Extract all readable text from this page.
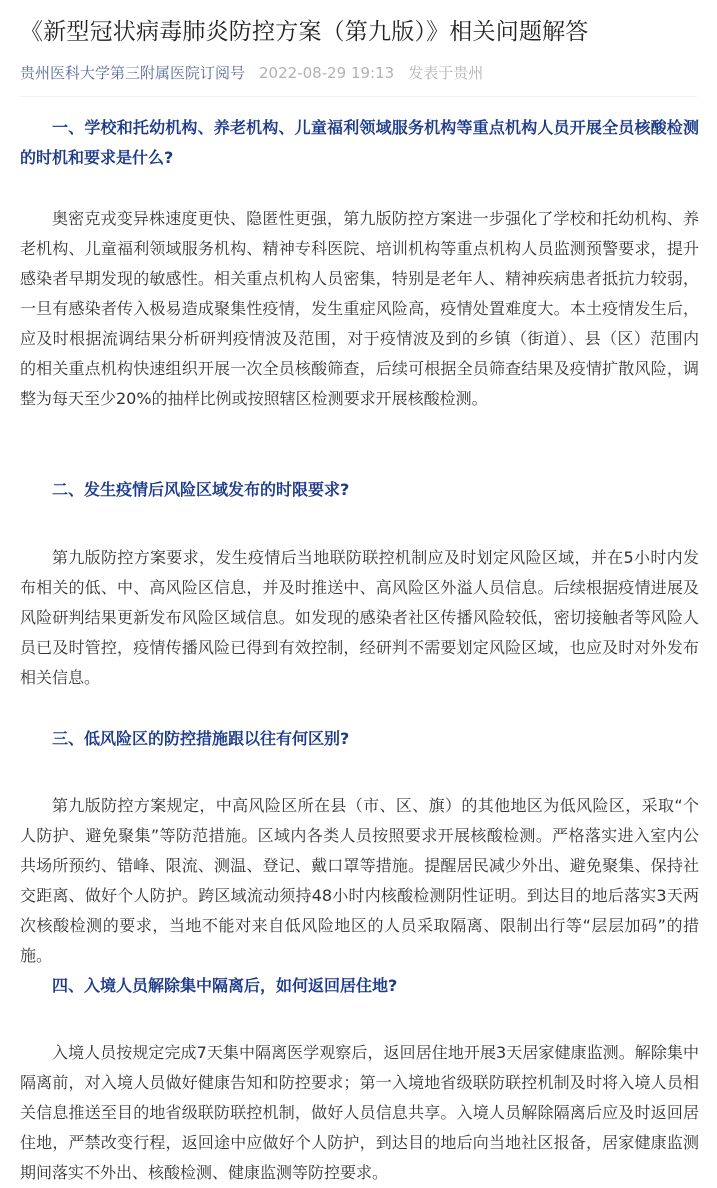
《新型冠状病毒肺炎防控方案（第九版）》相关问题解答
贵州医科大学第三附属医院订阅号 2022-08-29 19:13 发表于贵州

一、学校和托幼机构、养老机构、儿童福利领域服务机构等重点机构人员开展全员核酸检测的时机和要求是什么?

奥密克戎变异株速度更快、隐匿性更强，第九版防控方案进一步强化了学校和托幼机构、养老机构、儿童福利领域服务机构、精神专科医院、培训机构等重点机构人员监测预警要求，提升感染者早期发现的敏感性。相关重点机构人员密集，特别是老年人、精神疾病患者抵抗力较弱，一旦有感染者传入极易造成聚集性疫情，发生重症风险高，疫情处置难度大。本土疫情发生后，应及时根据流调结果分析研判疫情波及范围，对于疫情波及到的乡镇（街道）、县（区）范围内的相关重点机构快速组织开展一次全员核酸筛查，后续可根据全员筛查结果及疫情扩散风险，调整为每天至少20%的抽样比例或按照辖区检测要求开展核酸检测。

二、发生疫情后风险区域发布的时限要求?

第九版防控方案要求，发生疫情后当地联防联控机制应及时划定风险区域，并在5小时内发布相关的低、中、高风险区信息，并及时推送中、高风险区外溢人员信息。后续根据疫情进展及风险研判结果更新发布风险区域信息。如发现的感染者社区传播风险较低，密切接触者等风险人员已及时管控，疫情传播风险已得到有效控制，经研判不需要划定风险区域，也应及时对外发布相关信息。

三、低风险区的防控措施跟以往有何区别?

第九版防控方案规定，中高风险区所在县（市、区、旗）的其他地区为低风险区，采取“个人防护、避免聚集”等防范措施。区域内各类人员按照要求开展核酸检测。严格落实进入室内公共场所预约、错峰、限流、测温、登记、戴口罩等措施。提醒居民减少外出、避免聚集、保持社交距离、做好个人防护。跨区域流动须持48小时内核酸检测阴性证明。到达目的地后落实3天两次核酸检测的要求，当地不能对来自低风险地区的人员采取隔离、限制出行等“层层加码”的措施。

四、入境人员解除集中隔离后，如何返回居住地?

入境人员按规定完成7天集中隔离医学观察后，返回居住地开展3天居家健康监测。解除集中隔离前，对入境人员做好健康告知和防控要求；第一入境地省级联防联控机制及时将入境人员相关信息推送至目的地省级联防联控机制，做好人员信息共享。入境人员解除隔离后应及时返回居住地，严禁改变行程，返回途中应做好个人防护，到达目的地后向当地社区报备，居家健康监测期间落实不外出、核酸检测、健康监测等防控要求。
